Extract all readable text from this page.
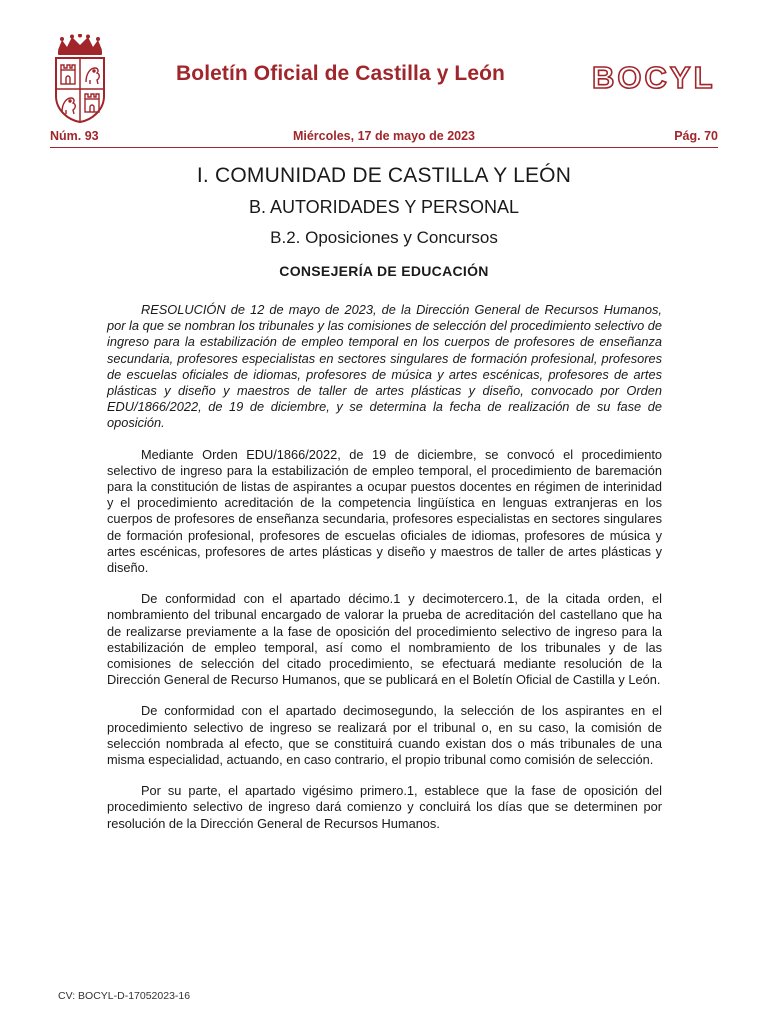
Boletín Oficial de Castilla y León	BOCYL
Núm. 93	Miércoles, 17 de mayo de 2023	Pág. 70
I. COMUNIDAD DE CASTILLA Y LEÓN
B. AUTORIDADES Y PERSONAL
B.2. Oposiciones y Concursos
CONSEJERÍA DE EDUCACIÓN

RESOLUCIÓN de 12 de mayo de 2023, de la Dirección General de Recursos Humanos, por la que se nombran los tribunales y las comisiones de selección del procedimiento selectivo de ingreso para la estabilización de empleo temporal en los cuerpos de profesores de enseñanza secundaria, profesores especialistas en sectores singulares de formación profesional, profesores de escuelas oficiales de idiomas, profesores de música y artes escénicas, profesores de artes plásticas y diseño y maestros de taller de artes plásticas y diseño, convocado por Orden EDU/1866/2022, de 19 de diciembre, y se determina la fecha de realización de su fase de oposición.

Mediante Orden EDU/1866/2022, de 19 de diciembre, se convocó el procedimiento selectivo de ingreso para la estabilización de empleo temporal, el procedimiento de baremación para la constitución de listas de aspirantes a ocupar puestos docentes en régimen de interinidad y el procedimiento acreditación de la competencia lingüística en lenguas extranjeras en los cuerpos de profesores de enseñanza secundaria, profesores especialistas en sectores singulares de formación profesional, profesores de escuelas oficiales de idiomas, profesores de música y artes escénicas, profesores de artes plásticas y diseño y maestros de taller de artes plásticas y diseño.

De conformidad con el apartado décimo.1 y decimotercero.1, de la citada orden, el nombramiento del tribunal encargado de valorar la prueba de acreditación del castellano que ha de realizarse previamente a la fase de oposición del procedimiento selectivo de ingreso para la estabilización de empleo temporal, así como el nombramiento de los tribunales y de las comisiones de selección del citado procedimiento, se efectuará mediante resolución de la Dirección General de Recurso Humanos, que se publicará en el Boletín Oficial de Castilla y León.

De conformidad con el apartado decimosegundo, la selección de los aspirantes en el procedimiento selectivo de ingreso se realizará por el tribunal o, en su caso, la comisión de selección nombrada al efecto, que se constituirá cuando existan dos o más tribunales de una misma especialidad, actuando, en caso contrario, el propio tribunal como comisión de selección.

Por su parte, el apartado vigésimo primero.1, establece que la fase de oposición del procedimiento selectivo de ingreso dará comienzo y concluirá los días que se determinen por resolución de la Dirección General de Recursos Humanos.

CV: BOCYL-D-17052023-16
